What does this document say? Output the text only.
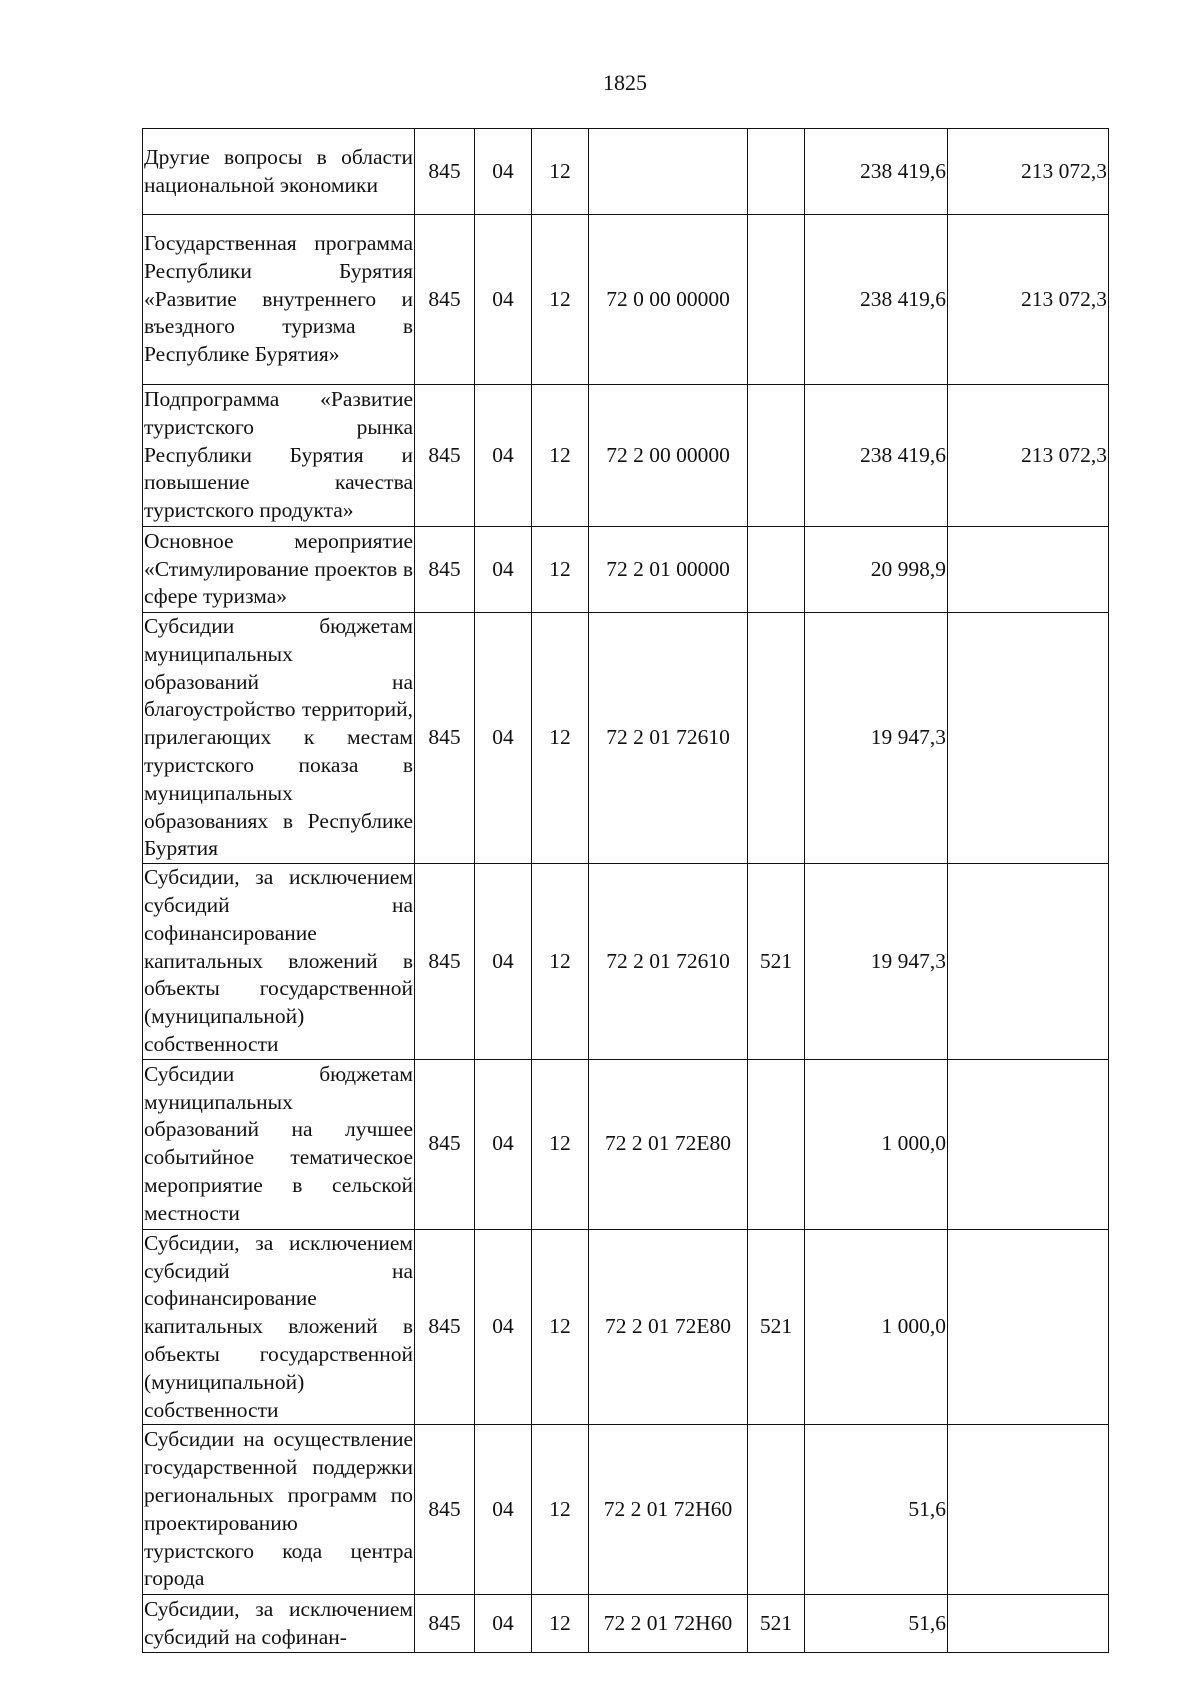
1825
Другие вопросы в области национальной экономики	845	04	12			238 419,6	213 072,3
Государственная программа Республики Бурятия «Развитие внутреннего и въездного туризма в Республике Бурятия»	845	04	12	72 0 00 00000		238 419,6	213 072,3
Подпрограмма «Развитие туристского рынка Республики Бурятия и повышение качества туристского продукта»	845	04	12	72 2 00 00000		238 419,6	213 072,3
Основное мероприятие «Стимулирование проектов в сфере туризма»	845	04	12	72 2 01 00000		20 998,9	
Субсидии бюджетам муниципальных образований на благоустройство территорий, прилегающих к местам туристского показа в муниципальных образованиях в Республике Бурятия	845	04	12	72 2 01 72610		19 947,3	
Субсидии, за исключением субсидий на софинансирование капитальных вложений в объекты государственной (муниципальной) собственности	845	04	12	72 2 01 72610	521	19 947,3	
Субсидии бюджетам муниципальных образований на лучшее событийное тематическое мероприятие в сельской местности	845	04	12	72 2 01 72Е80		1 000,0	
Субсидии, за исключением субсидий на софинансирование капитальных вложений в объекты государственной (муниципальной) собственности	845	04	12	72 2 01 72Е80	521	1 000,0	
Субсидии на осуществление государственной поддержки региональных программ по проектированию туристского кода центра города	845	04	12	72 2 01 72Н60		51,6	
Субсидии, за исключением субсидий на софинан-	845	04	12	72 2 01 72Н60	521	51,6	
